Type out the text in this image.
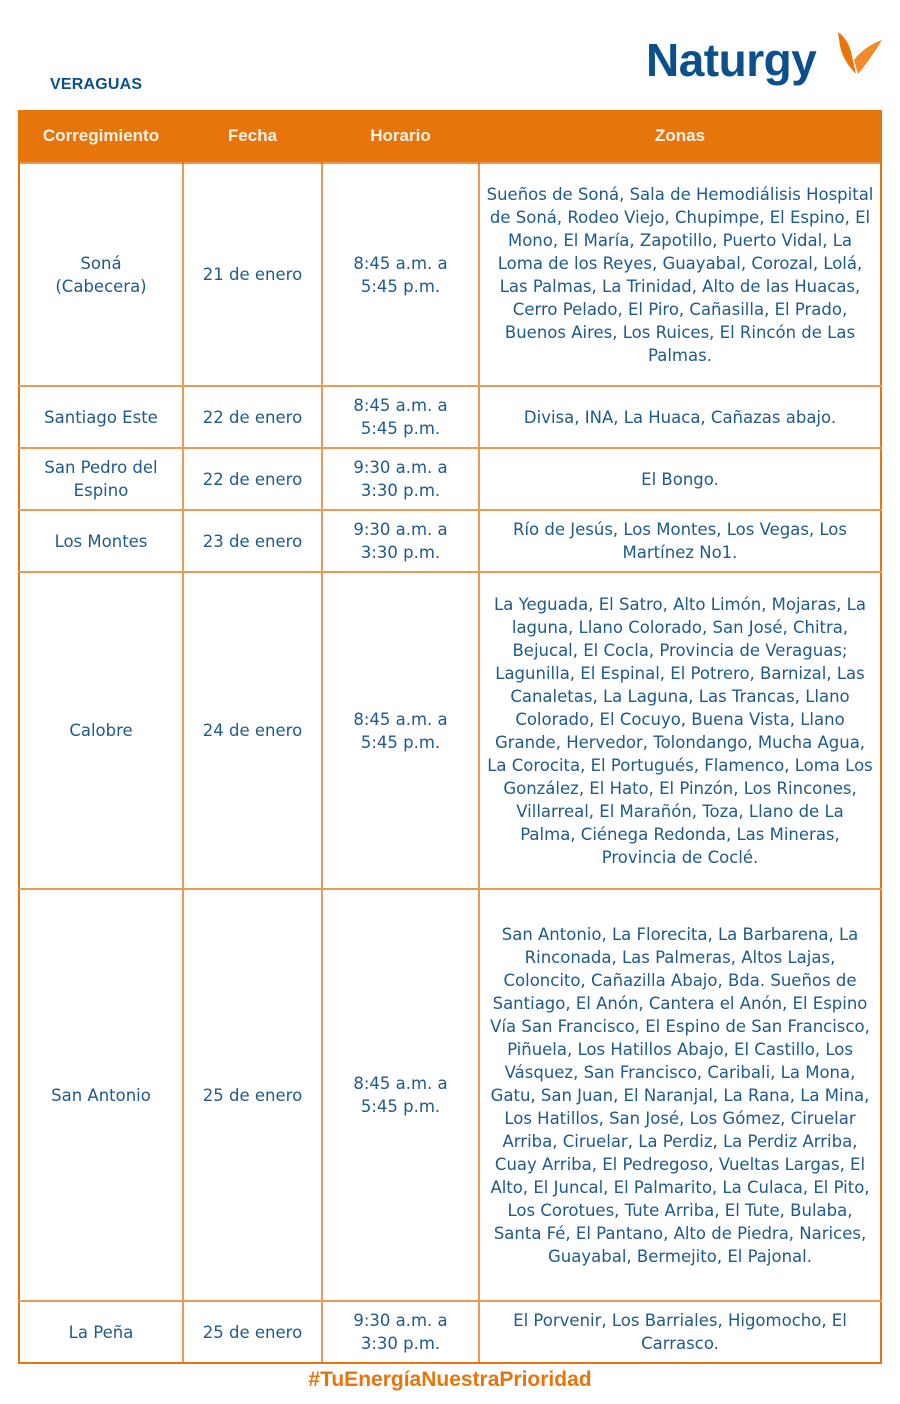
VERAGUAS	Naturgy
Corregimiento	Fecha	Horario	Zonas

Soná (Cabecera)	21 de enero	8:45 a.m. a 5:45 p.m.	Sueños de Soná, Sala de Hemodiálisis Hospital de Soná, Rodeo Viejo, Chupimpe, El Espino, El Mono, El María, Zapotillo, Puerto Vidal, La Loma de los Reyes, Guayabal, Corozal, Lolá, Las Palmas, La Trinidad, Alto de las Huacas, Cerro Pelado, El Piro, Cañasilla, El Prado, Buenos Aires, Los Ruices, El Rincón de Las Palmas.
Santiago Este	22 de enero	8:45 a.m. a 5:45 p.m.	Divisa, INA, La Huaca, Cañazas abajo.
San Pedro del Espino	22 de enero	9:30 a.m. a 3:30 p.m.	El Bongo.
Los Montes	23 de enero	9:30 a.m. a 3:30 p.m.	Río de Jesús, Los Montes, Los Vegas, Los Martínez No1.
Calobre	24 de enero	8:45 a.m. a 5:45 p.m.	La Yeguada, El Satro, Alto Limón, Mojaras, La laguna, Llano Colorado, San José, Chitra, Bejucal, El Cocla, Provincia de Veraguas; Lagunilla, El Espinal, El Potrero, Barnizal, Las Canaletas, La Laguna, Las Trancas, Llano Colorado, El Cocuyo, Buena Vista, Llano Grande, Hervedor, Tolondango, Mucha Agua, La Corocita, El Portugués, Flamenco, Loma Los González, El Hato, El Pinzón, Los Rincones, Villarreal, El Marañón, Toza, Llano de La Palma, Ciénega Redonda, Las Mineras, Provincia de Coclé.
San Antonio	25 de enero	8:45 a.m. a 5:45 p.m.	San Antonio, La Florecita, La Barbarena, La Rinconada, Las Palmeras, Altos Lajas, Coloncito, Cañazilla Abajo, Bda. Sueños de Santiago, El Anón, Cantera el Anón, El Espino Vía San Francisco, El Espino de San Francisco, Piñuela, Los Hatillos Abajo, El Castillo, Los Vásquez, San Francisco, Caribali, La Mona, Gatu, San Juan, El Naranjal, La Rana, La Mina, Los Hatillos, San José, Los Gómez, Ciruelar Arriba, Ciruelar, La Perdiz, La Perdiz Arriba, Cuay Arriba, El Pedregoso, Vueltas Largas, El Alto, El Juncal, El Palmarito, La Culaca, El Pito, Los Corotues, Tute Arriba, El Tute, Bulaba, Santa Fé, El Pantano, Alto de Piedra, Narices, Guayabal, Bermejito, El Pajonal.
La Peña	25 de enero	9:30 a.m. a 3:30 p.m.	El Porvenir, Los Barriales, Higomocho, El Carrasco.
#TuEnergíaNuestraPrioridad
